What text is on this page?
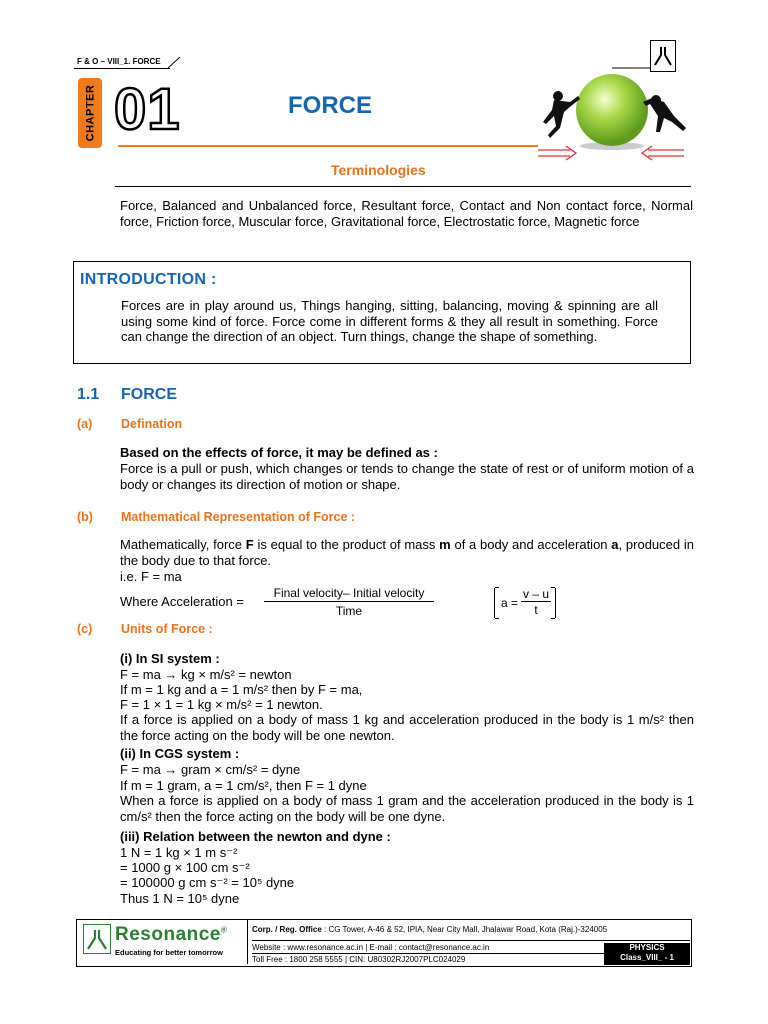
F & O – VIII_1. FORCE
CHAPTER 01	FORCE
Terminologies
Force, Balanced and Unbalanced force, Resultant force, Contact and Non contact force, Normal force, Friction force, Muscular force, Gravitational force, Electrostatic force, Magnetic force
INTRODUCTION :
Forces are in play around us, Things hanging, sitting, balancing, moving & spinning are all using some kind of force. Force come in different forms & they all result in something. Force can change the direction of an object. Turn things, change the shape of something.
1.1 FORCE
(a) Defination
Based on the effects of force, it may be defined as :
Force is a pull or push, which changes or tends to change the state of rest or of uniform motion of a body or changes its direction of motion or shape.
(b) Mathematical Representation of Force :
Mathematically, force F is equal to the product of mass m of a body and acceleration a, produced in the body due to that force.
i.e. F = ma
Where Acceleration =
Final velocity– Initial velocity
Time
a =
v – u
t
(c) Units of Force :
(i) In SI system :
F = ma → kg × m/s² = newton
If m = 1 kg and a = 1 m/s² then by F = ma,
F = 1 × 1 = 1 kg × m/s² = 1 newton.
If a force is applied on a body of mass 1 kg and acceleration produced in the body is 1 m/s² then the force acting on the body will be one newton.
(ii) In CGS system :
F = ma → gram × cm/s² = dyne
If m = 1 gram, a = 1 cm/s², then F = 1 dyne
When a force is applied on a body of mass 1 gram and the acceleration produced in the body is 1 cm/s² then the force acting on the body will be one dyne.
(iii) Relation between the newton and dyne :
1 N = 1 kg × 1 m s⁻²
= 1000 g × 100 cm s⁻²
= 100000 g cm s⁻² = 10⁵ dyne
Thus 1 N = 10⁵ dyne
Resonance®
Educating for better tomorrow
Corp. / Reg. Office : CG Tower, A-46 & 52, IPIA, Near City Mall, Jhalawar Road, Kota (Raj.)-324005
Website : www.resonance.ac.in | E-mail : contact@resonance.ac.in
Toll Free : 1800 258 5555 | CIN: U80302RJ2007PLC024029
PHYSICS
Class_VIII_ - 1
